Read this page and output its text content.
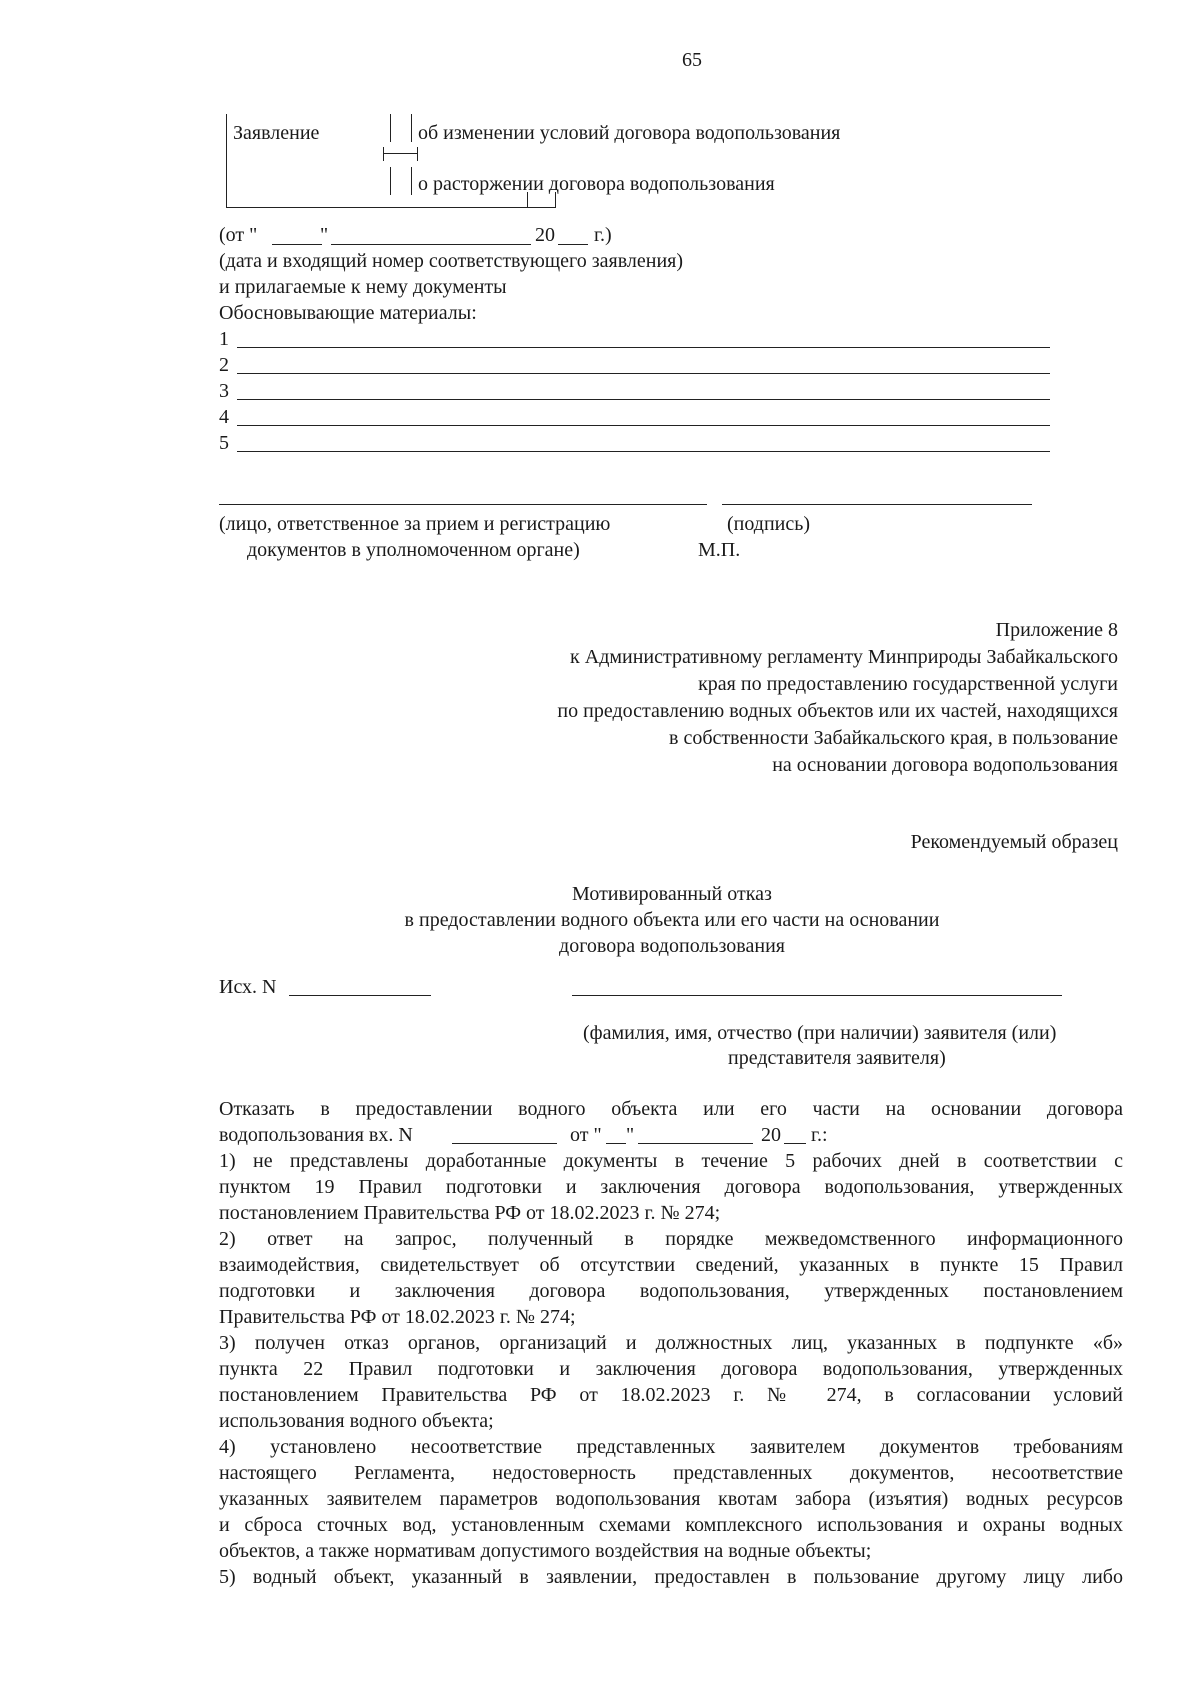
65
Заявление	об изменении условий договора водопользования
о расторжении договора водопользования
(от "	"	20 г.)
(дата и входящий номер соответствующего заявления)
и прилагаемые к нему документы
Обосновывающие материалы:
1
2
3
4
5
(лицо, ответственное за прием и регистрацию
документов в уполномоченном органе)
(подпись)
М.П.
Приложение 8
к Административному регламенту Минприроды Забайкальского
края по предоставлению государственной услуги
по предоставлению водных объектов или их частей, находящихся
в собственности Забайкальского края, в пользование
на основании договора водопользования
Рекомендуемый образец
Мотивированный отказ
в предоставлении водного объекта или его части на основании
договора водопользования
Исх. N
(фамилия, имя, отчество (при наличии) заявителя (или)
представителя заявителя)
Отказать в предоставлении водного объекта или его части на основании договора
водопользования вх. N	от " "	20 г.:
1) не представлены доработанные документы в течение 5 рабочих дней в соответствии с
пунктом 19 Правил подготовки и заключения договора водопользования, утвержденных
постановлением Правительства РФ от 18.02.2023 г. № 274;
2) ответ на запрос, полученный в порядке межведомственного информационного
взаимодействия, свидетельствует об отсутствии сведений, указанных в пункте 15 Правил
подготовки и заключения договора водопользования, утвержденных постановлением
Правительства РФ от 18.02.2023 г. № 274;
3) получен отказ органов, организаций и должностных лиц, указанных в подпункте «б»
пункта 22 Правил подготовки и заключения договора водопользования, утвержденных
постановлением Правительства РФ от 18.02.2023 г. № 274, в согласовании условий
использования водного объекта;
4) установлено несоответствие представленных заявителем документов требованиям
настоящего Регламента, недостоверность представленных документов, несоответствие
указанных заявителем параметров водопользования квотам забора (изъятия) водных ресурсов
и сброса сточных вод, установленным схемами комплексного использования и охраны водных
объектов, а также нормативам допустимого воздействия на водные объекты;
5) водный объект, указанный в заявлении, предоставлен в пользование другому лицу либо
